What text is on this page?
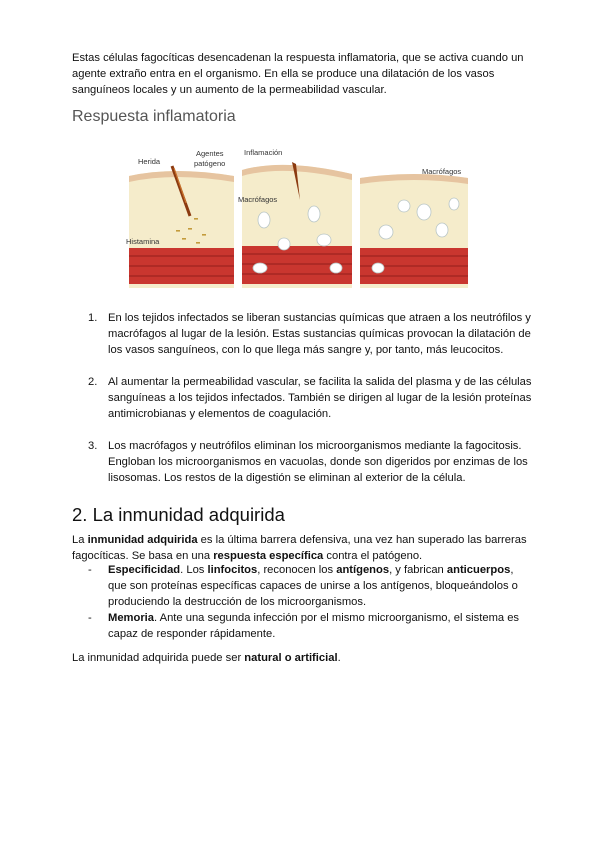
Estas células fagocíticas desencadenan la respuesta inflamatoria, que se activa cuando un agente extraño entra en el organismo. En ella se produce una dilatación de los vasos sanguíneos locales y un aumento de la permeabilidad vascular.

Respuesta inflamatoria
Herida
Agentes
patógeno
Histamina
Inflamación
Macrófagos
Macrófagos
1. En los tejidos infectados se liberan sustancias químicas que atraen a los neutrófilos y macrófagos al lugar de la lesión. Estas sustancias químicas provocan la dilatación de los vasos sanguíneos, con lo que llega más sangre y, por tanto, más leucocitos.
2. Al aumentar la permeabilidad vascular, se facilita la salida del plasma y de las células sanguíneas a los tejidos infectados. También se dirigen al lugar de la lesión proteínas antimicrobianas y elementos de coagulación.
3. Los macrófagos y neutrófilos eliminan los microorganismos mediante la fagocitosis. Engloban los microorganismos en vacuolas, donde son digeridos por enzimas de los lisosomas. Los restos de la digestión se eliminan al exterior de la célula.
2. La inmunidad adquirida

La inmunidad adquirida es la última barrera defensiva, una vez han superado las barreras fagocíticas. Se basa en una respuesta específica contra el patógeno.

- Especificidad. Los linfocitos, reconocen los antígenos, y fabrican anticuerpos, que son proteínas específicas capaces de unirse a los antígenos, bloqueándolos o produciendo la destrucción de los microorganismos.
- Memoria. Ante una segunda infección por el mismo microorganismo, el sistema es capaz de responder rápidamente.

La inmunidad adquirida puede ser natural o artificial.
